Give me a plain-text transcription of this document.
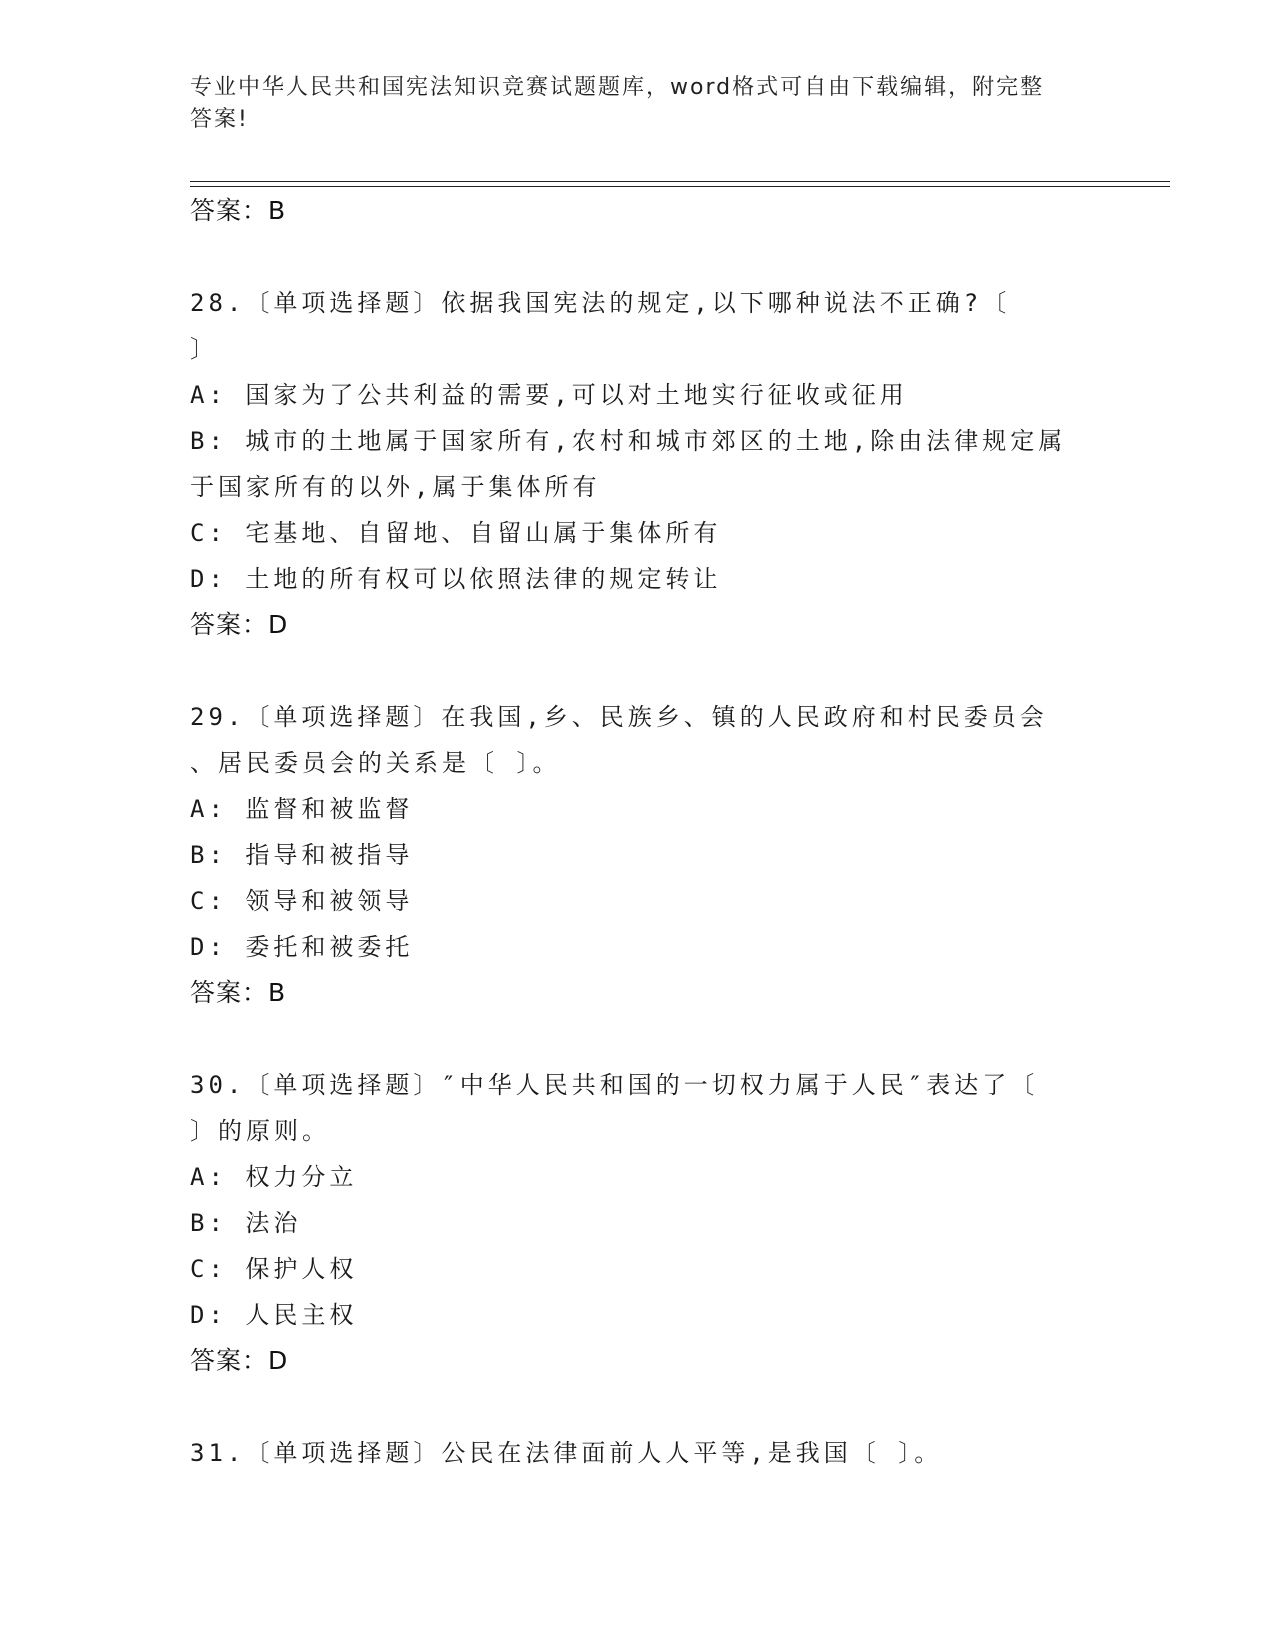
专业中华人民共和国宪法知识竞赛试题题库，word格式可自由下载编辑，附完整
答案!
答案：B
28.〔单项选择题〕依据我国宪法的规定,以下哪种说法不正确?〔
〕
A: 国家为了公共利益的需要,可以对土地实行征收或征用
B: 城市的土地属于国家所有,农村和城市郊区的土地,除由法律规定属
于国家所有的以外,属于集体所有
C: 宅基地、自留地、自留山属于集体所有
D: 土地的所有权可以依照法律的规定转让
答案：D
29.〔单项选择题〕在我国,乡、民族乡、镇的人民政府和村民委员会
、居民委员会的关系是〔 〕。
A: 监督和被监督
B: 指导和被指导
C: 领导和被领导
D: 委托和被委托
答案：B
30.〔单项选择题〕″中华人民共和国的一切权力属于人民″表达了〔
〕的原则。
A: 权力分立
B: 法治
C: 保护人权
D: 人民主权
答案：D
31.〔单项选择题〕公民在法律面前人人平等,是我国〔 〕。
